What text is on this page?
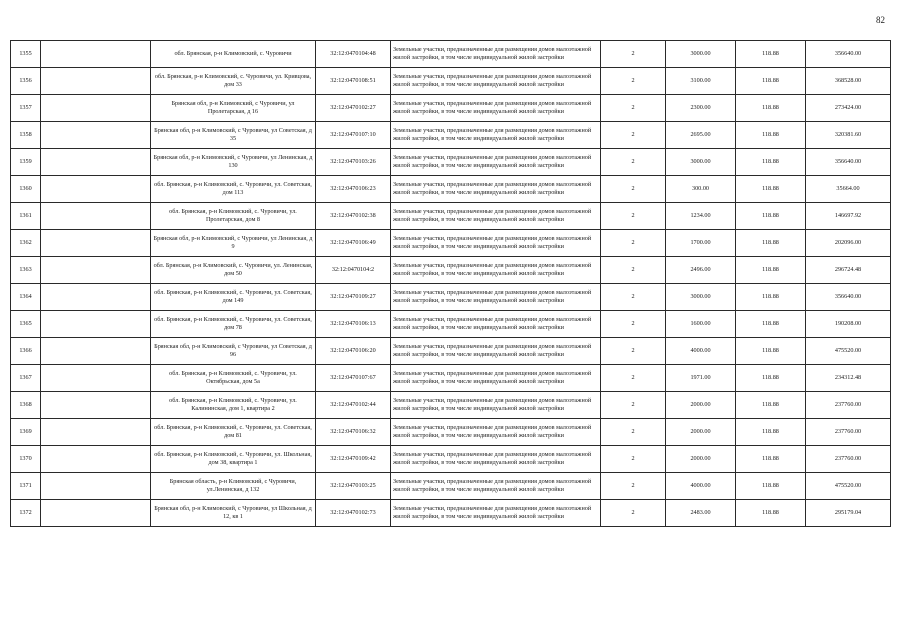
82
1355		обл. Брянская, р-н Климовский, с. Чуровичи	32:12:0470104:48	Земельные участки, предназначенные для размещения домов малоэтажной жилой застройки, в том числе индивидуальной жилой застройки	2	3000.00	118.88	356640.00
1356		обл. Брянская, р-н Климовский, с. Чуровичи, ул. Кривцова, дом 33	32:12:0470108:51	Земельные участки, предназначенные для размещения домов малоэтажной жилой застройки, в том числе индивидуальной жилой застройки	2	3100.00	118.88	368528.00
1357		Брянская обл, р-н Климовский, с Чуровичи, ул Пролетарская, д 16	32:12:0470102:27	Земельные участки, предназначенные для размещения домов малоэтажной жилой застройки, в том числе индивидуальной жилой застройки	2	2300.00	118.88	273424.00
1358		Брянская обл, р-н Климовский, с Чуровичи, ул Советская, д 35	32:12:0470107:10	Земельные участки, предназначенные для размещения домов малоэтажной жилой застройки, в том числе индивидуальной жилой застройки	2	2695.00	118.88	320381.60
1359		Брянская обл, р-н Климовский, с Чуровичи, ул Ленинская, д 130	32:12:0470103:26	Земельные участки, предназначенные для размещения домов малоэтажной жилой застройки, в том числе индивидуальной жилой застройки	2	3000.00	118.88	356640.00
1360		обл. Брянская, р-н Климовский, с. Чуровичи, ул. Советская, дом 113	32:12:0470106:23	Земельные участки, предназначенные для размещения домов малоэтажной жилой застройки, в том числе индивидуальной жилой застройки	2	300.00	118.88	35664.00
1361		обл. Брянская, р-н Климовский, с. Чуровичи, ул. Пролетарская, дом 8	32:12:0470102:38	Земельные участки, предназначенные для размещения домов малоэтажной жилой застройки, в том числе индивидуальной жилой застройки	2	1234.00	118.88	146697.92
1362		Брянская обл, р-н Климовский, с Чуровичи, ул Ленинская, д 9	32:12:0470106:49	Земельные участки, предназначенные для размещения домов малоэтажной жилой застройки, в том числе индивидуальной жилой застройки	2	1700.00	118.88	202096.00
1363		обл. Брянская, р-н Климовский, с. Чуровичи, ул. Ленинская, дом 50	32:12:0470104:2	Земельные участки, предназначенные для размещения домов малоэтажной жилой застройки, в том числе индивидуальной жилой застройки	2	2496.00	118.88	296724.48
1364		обл. Брянская, р-н Климовский, с. Чуровичи, ул. Советская, дом 149	32:12:0470109:27	Земельные участки, предназначенные для размещения домов малоэтажной жилой застройки, в том числе индивидуальной жилой застройки	2	3000.00	118.88	356640.00
1365		обл. Брянская, р-н Климовский, с. Чуровичи, ул. Советская, дом 78	32:12:0470106:13	Земельные участки, предназначенные для размещения домов малоэтажной жилой застройки, в том числе индивидуальной жилой застройки	2	1600.00	118.88	190208.00
1366		Брянская обл, р-н Климовский, с Чуровичи, ул Советская, д 96	32:12:0470106:20	Земельные участки, предназначенные для размещения домов малоэтажной жилой застройки, в том числе индивидуальной жилой застройки	2	4000.00	118.88	475520.00
1367		обл. Брянская, р-н Климовский, с. Чуровичи, ул. Октябрьская, дом 5а	32:12:0470107:67	Земельные участки, предназначенные для размещения домов малоэтажной жилой застройки, в том числе индивидуальной жилой застройки	2	1971.00	118.88	234312.48
1368		обл. Брянская, р-н Климовский, с. Чуровичи, ул. Калининская, дом 1, квартира 2	32:12:0470102:44	Земельные участки, предназначенные для размещения домов малоэтажной жилой застройки, в том числе индивидуальной жилой застройки	2	2000.00	118.88	237760.00
1369		обл. Брянская, р-н Климовский, с. Чуровичи, ул. Советская, дом 81	32:12:0470106:32	Земельные участки, предназначенные для размещения домов малоэтажной жилой застройки, в том числе индивидуальной жилой застройки	2	2000.00	118.88	237760.00
1370		обл. Брянская, р-н Климовский, с. Чуровичи, ул. Школьная, дом 38, квартира 1	32:12:0470109:42	Земельные участки, предназначенные для размещения домов малоэтажной жилой застройки, в том числе индивидуальной жилой застройки	2	2000.00	118.88	237760.00
1371		Брянская область, р-н Климовский, с Чуровичи, ул.Ленинская, д 132	32:12:0470103:25	Земельные участки, предназначенные для размещения домов малоэтажной жилой застройки, в том числе индивидуальной жилой застройки	2	4000.00	118.88	475520.00
1372		Брянская обл, р-н Климовский, с Чуровичи, ул Школьная, д 12, кв 1	32:12:0470102:73	Земельные участки, предназначенные для размещения домов малоэтажной жилой застройки, в том числе индивидуальной жилой застройки	2	2483.00	118.88	295179.04
